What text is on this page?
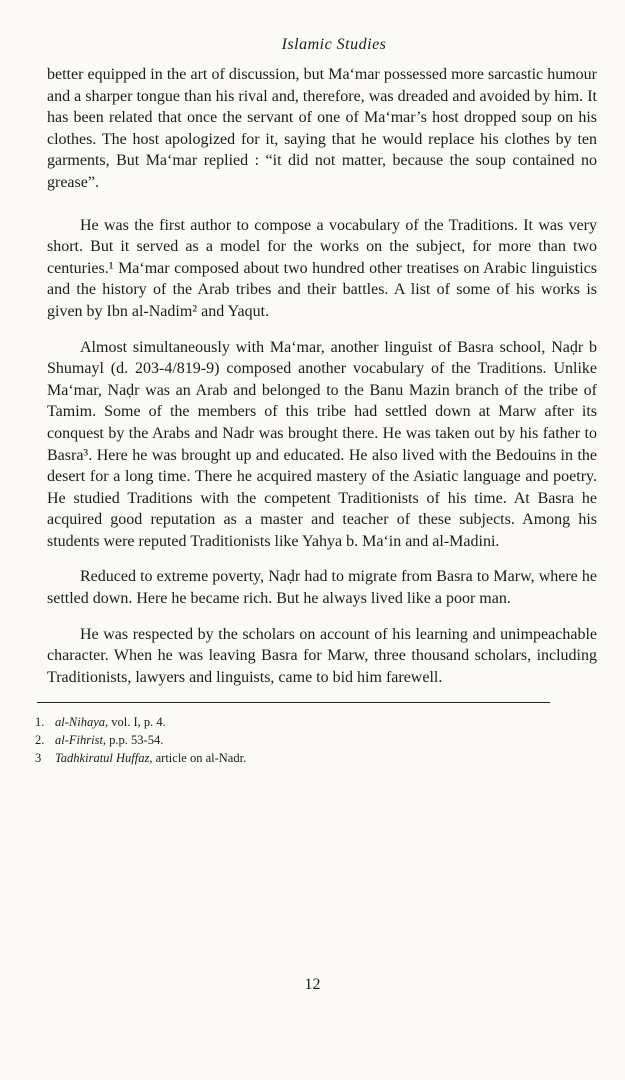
Islamic Studies

better equipped in the art of discussion, but Ma‘mar possessed more sarcastic humour and a sharper tongue than his rival and, therefore, was dreaded and avoided by him. It has been related that once the servant of one of Ma‘mar’s host dropped soup on his clothes. The host apologized for it, saying that he would replace his clothes by ten garments, But Ma‘mar replied : “it did not matter, because the soup contained no grease”.

He was the first author to compose a vocabulary of the Traditions. It was very short. But it served as a model for the works on the subject, for more than two centuries.¹ Ma‘mar composed about two hundred other treatises on Arabic linguistics and the history of the Arab tribes and their battles. A list of some of his works is given by Ibn al-Nadim² and Yaqut.

Almost simultaneously with Ma‘mar, another linguist of Basra school, Naḍr b Shumayl (d. 203-4/819-9) composed another vocabulary of the Traditions. Unlike Ma‘mar, Naḍr was an Arab and belonged to the Banu Mazin branch of the tribe of Tamim. Some of the members of this tribe had settled down at Marw after its conquest by the Arabs and Nadr was brought there. He was taken out by his father to Basra³. Here he was brought up and educated. He also lived with the Bedouins in the desert for a long time. There he acquired mastery of the Asiatic language and poetry. He studied Traditions with the competent Traditionists of his time. At Basra he acquired good reputation as a master and teacher of these subjects. Among his students were reputed Traditionists like Yahya b. Ma‘in and al-Madini.

Reduced to extreme poverty, Naḍr had to migrate from Basra to Marw, where he settled down. Here he became rich. But he always lived like a poor man.

He was respected by the scholars on account of his learning and unimpeachable character. When he was leaving Basra for Marw, three thousand scholars, including Traditionists, lawyers and linguists, came to bid him farewell.

1. al-Nihaya, vol. I, p. 4.
2. al-Fihrist, p.p. 53-54.
3	Tadhkiratul Huffaz, article on al-Nadr.
12
